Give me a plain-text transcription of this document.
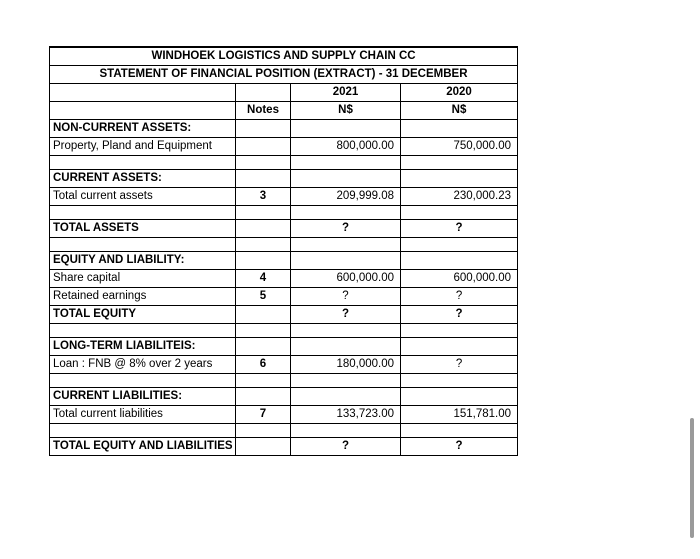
WINDHOEK LOGISTICS AND SUPPLY CHAIN CC			
STATEMENT OF FINANCIAL POSITION (EXTRACT) - 31 DECEMBER			
		2021	2020
	Notes	N$	N$
NON-CURRENT ASSETS:			
Property, Pland and Equipment		800,000.00	750,000.00

CURRENT ASSETS:			
Total current assets	3	209,999.08	230,000.23

TOTAL ASSETS		?	?

EQUITY AND LIABILITY:			
Share capital	4	600,000.00	600,000.00
Retained earnings	5	?	?
TOTAL EQUITY		?	?

LONG-TERM LIABILITEIS:			
Loan : FNB @ 8% over 2 years	6	180,000.00	?

CURRENT LIABILITIES:			
Total current liabilities	7	133,723.00	151,781.00

TOTAL EQUITY AND LIABILITIES		?	?
